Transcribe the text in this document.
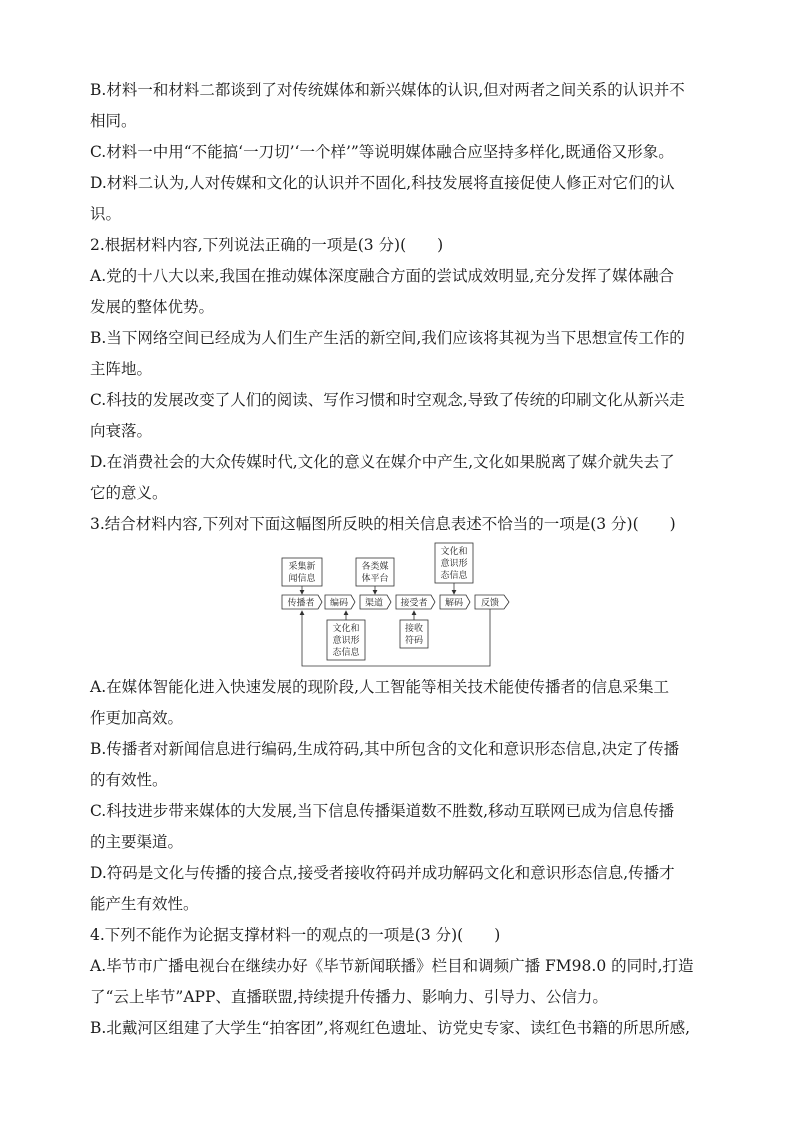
B.材料一和材料二都谈到了对传统媒体和新兴媒体的认识,但对两者之间关系的认识并不
相同。
C.材料一中用“不能搞‘一刀切’‘一个样’”等说明媒体融合应坚持多样化,既通俗又形象。
D.材料二认为,人对传媒和文化的认识并不固化,科技发展将直接促使人修正对它们的认
识。
2.根据材料内容,下列说法正确的一项是(3 分)(　　)
A.党的十八大以来,我国在推动媒体深度融合方面的尝试成效明显,充分发挥了媒体融合
发展的整体优势。
B.当下网络空间已经成为人们生产生活的新空间,我们应该将其视为当下思想宣传工作的
主阵地。
C.科技的发展改变了人们的阅读、写作习惯和时空观念,导致了传统的印刷文化从新兴走
向衰落。
D.在消费社会的大众传媒时代,文化的意义在媒介中产生,文化如果脱离了媒介就失去了
它的意义。
3.结合材料内容,下列对下面这幅图所反映的相关信息表述不恰当的一项是(3 分)(　　)
采集新
闻信息
各类媒
体平台
文化和
意识形
态信息
传播者 编码 渠道 接受者 解码 反馈
文化和
意识形
态信息
接收
符码
A.在媒体智能化进入快速发展的现阶段,人工智能等相关技术能使传播者的信息采集工
作更加高效。
B.传播者对新闻信息进行编码,生成符码,其中所包含的文化和意识形态信息,决定了传播
的有效性。
C.科技进步带来媒体的大发展,当下信息传播渠道数不胜数,移动互联网已成为信息传播
的主要渠道。
D.符码是文化与传播的接合点,接受者接收符码并成功解码文化和意识形态信息,传播才
能产生有效性。
4.下列不能作为论据支撑材料一的观点的一项是(3 分)(　　)
A.毕节市广播电视台在继续办好《毕节新闻联播》栏目和调频广播 FM98.0 的同时,打造
了“云上毕节”APP、直播联盟,持续提升传播力、影响力、引导力、公信力。
B.北戴河区组建了大学生“拍客团”,将观红色遗址、访党史专家、读红色书籍的所思所感,
